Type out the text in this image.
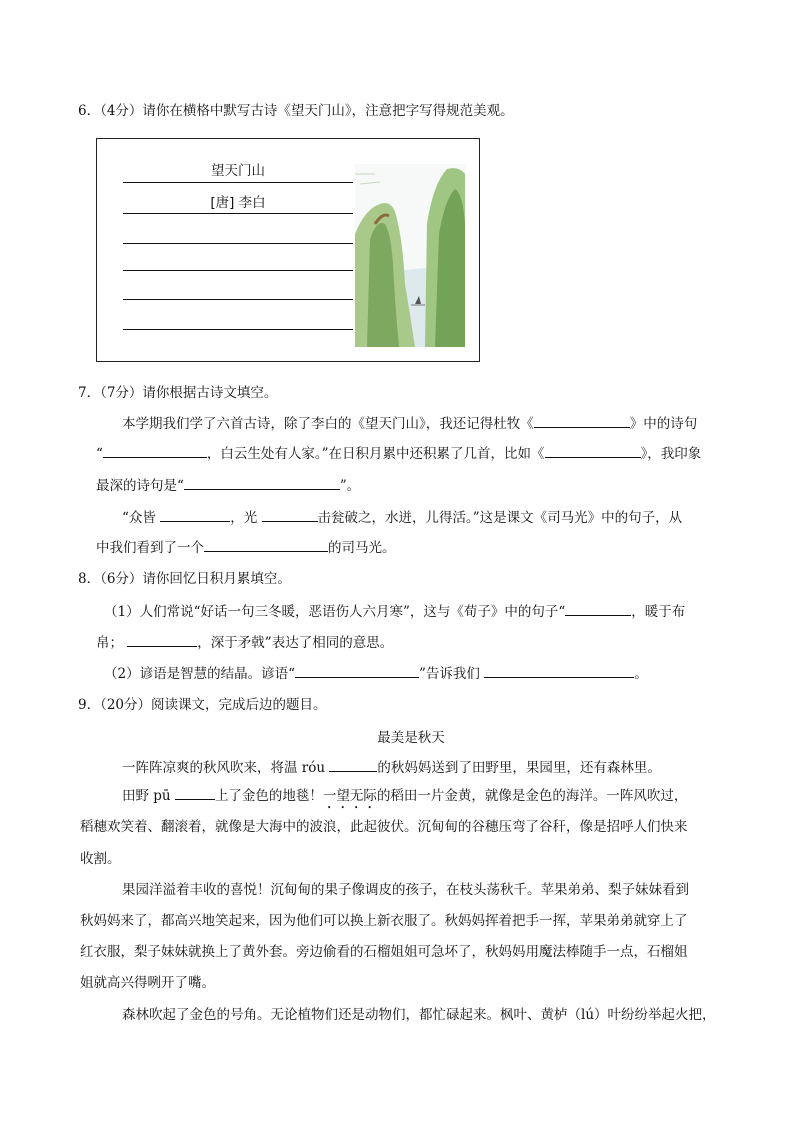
6．（4分）请你在横格中默写古诗《望天门山》，注意把字写得规范美观。
望天门山
[唐] 李白
7．（7分）请你根据古诗文填空。
本学期我们学了六首古诗，除了李白的《望天门山》，我还记得杜牧《	》中的诗句
“	，白云生处有人家。”在日积月累中还积累了几首，比如《	》，我印象
最深的诗句是“	”。
“众皆	，光	击瓮破之，水迸，儿得活。”这是课文《司马光》中的句子，从
中我们看到了一个	的司马光。
8．（6分）请你回忆日积月累填空。
（1）人们常说“好话一句三冬暖，恶语伤人六月寒”，这与《荀子》中的句子“	，暖于布
帛；	，深于矛戟”表达了相同的意思。
（2）谚语是智慧的结晶。谚语“	”告诉我们	。
9．（20分）阅读课文，完成后边的题目。
最美是秋天
一阵阵凉爽的秋风吹来，将温 róu	的秋妈妈送到了田野里，果园里，还有森林里。
田野 pū	上了金色的地毯！一望无际的稻田一片金黄，就像是金色的海洋。一阵风吹过，
稻穗欢笑着、翻滚着，就像是大海中的波浪，此起彼伏。沉甸甸的谷穗压弯了谷秆，像是招呼人们快来
收割。
果园洋溢着丰收的喜悦！沉甸甸的果子像调皮的孩子，在枝头荡秋千。苹果弟弟、梨子妹妹看到
秋妈妈来了，都高兴地笑起来，因为他们可以换上新衣服了。秋妈妈挥着把手一挥，苹果弟弟就穿上了
红衣服，梨子妹妹就换上了黄外套。旁边偷看的石榴姐姐可急坏了，秋妈妈用魔法棒随手一点，石榴姐
姐就高兴得咧开了嘴。
森林吹起了金色的号角。无论植物们还是动物们，都忙碌起来。枫叶、黄栌（lú）叶纷纷举起火把，
